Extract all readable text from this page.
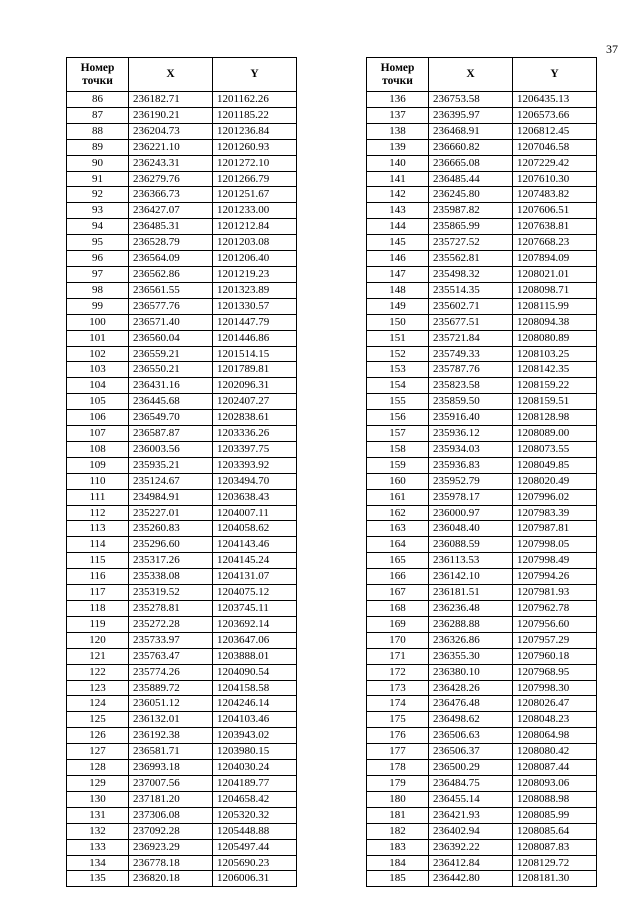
37
Номер точки	X	Y
86	236182.71	1201162.26
87	236190.21	1201185.22
88	236204.73	1201236.84
89	236221.10	1201260.93
90	236243.31	1201272.10
91	236279.76	1201266.79
92	236366.73	1201251.67
93	236427.07	1201233.00
94	236485.31	1201212.84
95	236528.79	1201203.08
96	236564.09	1201206.40
97	236562.86	1201219.23
98	236561.55	1201323.89
99	236577.76	1201330.57
100	236571.40	1201447.79
101	236560.04	1201446.86
102	236559.21	1201514.15
103	236550.21	1201789.81
104	236431.16	1202096.31
105	236445.68	1202407.27
106	236549.70	1202838.61
107	236587.87	1203336.26
108	236003.56	1203397.75
109	235935.21	1203393.92
110	235124.67	1203494.70
111	234984.91	1203638.43
112	235227.01	1204007.11
113	235260.83	1204058.62
114	235296.60	1204143.46
115	235317.26	1204145.24
116	235338.08	1204131.07
117	235319.52	1204075.12
118	235278.81	1203745.11
119	235272.28	1203692.14
120	235733.97	1203647.06
121	235763.47	1203888.01
122	235774.26	1204090.54
123	235889.72	1204158.58
124	236051.12	1204246.14
125	236132.01	1204103.46
126	236192.38	1203943.02
127	236581.71	1203980.15
128	236993.18	1204030.24
129	237007.56	1204189.77
130	237181.20	1204658.42
131	237306.08	1205320.32
132	237092.28	1205448.88
133	236923.29	1205497.44
134	236778.18	1205690.23
135	236820.18	1206006.31
Номер точки	X	Y
136	236753.58	1206435.13
137	236395.97	1206573.66
138	236468.91	1206812.45
139	236660.82	1207046.58
140	236665.08	1207229.42
141	236485.44	1207610.30
142	236245.80	1207483.82
143	235987.82	1207606.51
144	235865.99	1207638.81
145	235727.52	1207668.23
146	235562.81	1207894.09
147	235498.32	1208021.01
148	235514.35	1208098.71
149	235602.71	1208115.99
150	235677.51	1208094.38
151	235721.84	1208080.89
152	235749.33	1208103.25
153	235787.76	1208142.35
154	235823.58	1208159.22
155	235859.50	1208159.51
156	235916.40	1208128.98
157	235936.12	1208089.00
158	235934.03	1208073.55
159	235936.83	1208049.85
160	235952.79	1208020.49
161	235978.17	1207996.02
162	236000.97	1207983.39
163	236048.40	1207987.81
164	236088.59	1207998.05
165	236113.53	1207998.49
166	236142.10	1207994.26
167	236181.51	1207981.93
168	236236.48	1207962.78
169	236288.88	1207956.60
170	236326.86	1207957.29
171	236355.30	1207960.18
172	236380.10	1207968.95
173	236428.26	1207998.30
174	236476.48	1208026.47
175	236498.62	1208048.23
176	236506.63	1208064.98
177	236506.37	1208080.42
178	236500.29	1208087.44
179	236484.75	1208093.06
180	236455.14	1208088.98
181	236421.93	1208085.99
182	236402.94	1208085.64
183	236392.22	1208087.83
184	236412.84	1208129.72
185	236442.80	1208181.30
